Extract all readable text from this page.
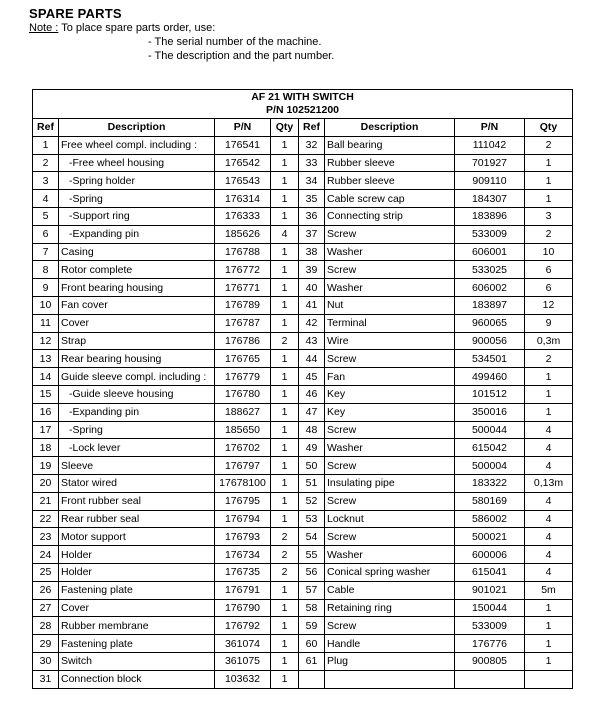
SPARE PARTS
Note : To place spare parts order, use:
- The serial number of the machine.
- The description and the part number.
AF 21 WITH SWITCH
P/N 102521200							

Ref	Description	P/N	Qty	Ref	Description	P/N	Qty
1	Free wheel compl. including :	176541	1	32	Ball bearing	111042	2
2	-Free wheel housing	176542	1	33	Rubber sleeve	701927	1
3	-Spring holder	176543	1	34	Rubber sleeve	909110	1
4	-Spring	176314	1	35	Cable screw cap	184307	1
5	-Support ring	176333	1	36	Connecting strip	183896	3
6	-Expanding pin	185626	4	37	Screw	533009	2
7	Casing	176788	1	38	Washer	606001	10
8	Rotor complete	176772	1	39	Screw	533025	6
9	Front bearing housing	176771	1	40	Washer	606002	6
10	Fan cover	176789	1	41	Nut	183897	12
11	Cover	176787	1	42	Terminal	960065	9
12	Strap	176786	2	43	Wire	900056	0,3m
13	Rear bearing housing	176765	1	44	Screw	534501	2
14	Guide sleeve compl. including :	176779	1	45	Fan	499460	1
15	-Guide sleeve housing	176780	1	46	Key	101512	1
16	-Expanding pin	188627	1	47	Key	350016	1
17	-Spring	185650	1	48	Screw	500044	4
18	-Lock lever	176702	1	49	Washer	615042	4
19	Sleeve	176797	1	50	Screw	500004	4
20	Stator wired	17678100	1	51	Insulating pipe	183322	0,13m
21	Front rubber seal	176795	1	52	Screw	580169	4
22	Rear rubber seal	176794	1	53	Locknut	586002	4
23	Motor support	176793	2	54	Screw	500021	4
24	Holder	176734	2	55	Washer	600006	4
25	Holder	176735	2	56	Conical spring washer	615041	4
26	Fastening plate	176791	1	57	Cable	901021	5m
27	Cover	176790	1	58	Retaining ring	150044	1
28	Rubber membrane	176792	1	59	Screw	533009	1
29	Fastening plate	361074	1	60	Handle	176776	1
30	Switch	361075	1	61	Plug	900805	1
31	Connection block	103632	1				
